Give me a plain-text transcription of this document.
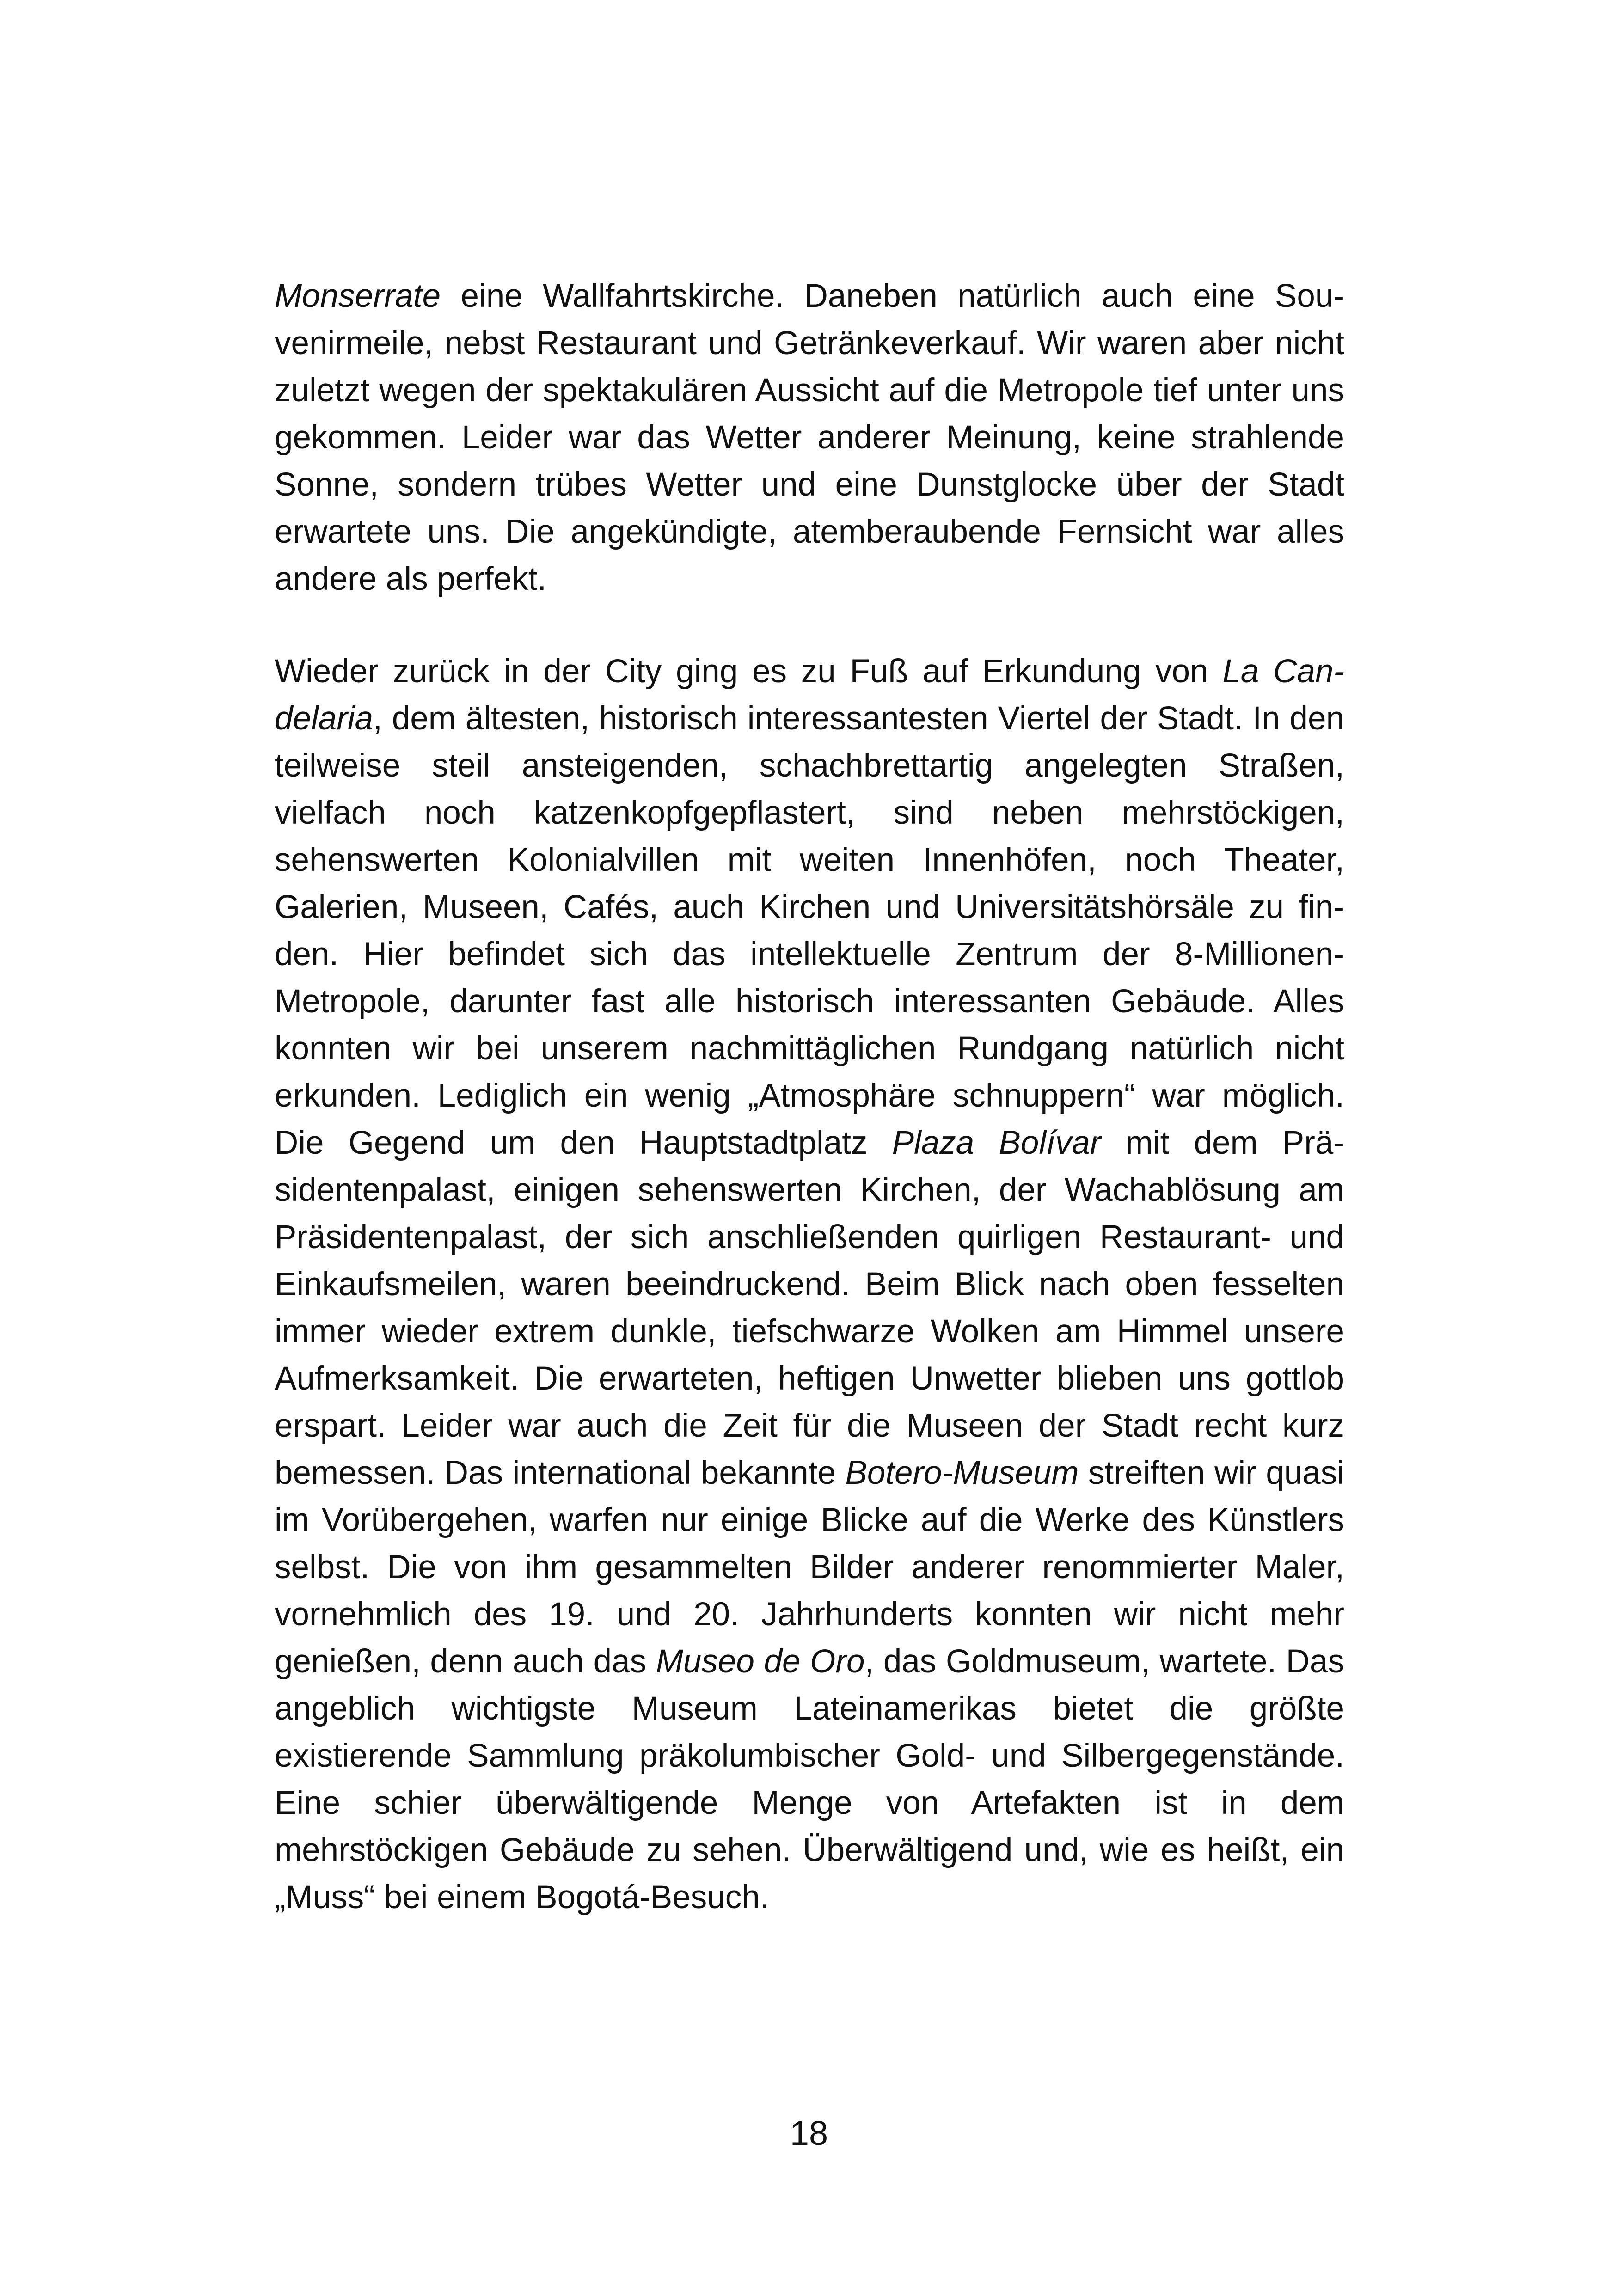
Monserrate eine Wallfahrtskirche. Daneben natürlich auch eine Souvenirmeile, nebst Restaurant und Getränkeverkauf. Wir waren aber nicht zuletzt wegen der spektakulären Aussicht auf die Metropole tief unter uns gekommen. Leider war das Wetter anderer Meinung, keine strahlende Sonne, sondern trübes Wetter und eine Dunstglocke über der Stadt erwartete uns. Die angekündigte, atemberaubende Fernsicht war alles andere als perfekt.

Wieder zurück in der City ging es zu Fuß auf Erkundung von La Candelaria, dem ältesten, historisch interessantesten Viertel der Stadt. In den teilweise steil ansteigenden, schachbrettartig angelegten Straßen, vielfach noch katzenkopfgepflastert, sind neben mehrstöckigen, sehenswerten Kolonialvillen mit weiten Innenhöfen, noch Theater, Galerien, Museen, Cafés, auch Kirchen und Universitätshörsäle zu finden. Hier befindet sich das intellektuelle Zentrum der 8-Millionen-Metropole, darunter fast alle historisch interessanten Gebäude. Alles konnten wir bei unserem nachmittäglichen Rundgang natürlich nicht erkunden. Lediglich ein wenig „Atmosphäre schnuppern“ war möglich. Die Gegend um den Hauptstadtplatz Plaza Bolívar mit dem Präsidentenpalast, einigen sehenswerten Kirchen, der Wachablösung am Präsidentenpalast, der sich anschließenden quirligen Restaurant- und Einkaufsmeilen, waren beeindruckend. Beim Blick nach oben fesselten immer wieder extrem dunkle, tiefschwarze Wolken am Himmel unsere Aufmerksamkeit. Die erwarteten, heftigen Unwetter blieben uns gottlob erspart. Leider war auch die Zeit für die Museen der Stadt recht kurz bemessen. Das international bekannte Botero-Museum streiften wir quasi im Vorübergehen, warfen nur einige Blicke auf die Werke des Künstlers selbst. Die von ihm gesammelten Bilder anderer renommierter Maler, vornehmlich des 19. und 20. Jahrhunderts konnten wir nicht mehr genießen, denn auch das Museo de Oro, das Goldmuseum, wartete. Das angeblich wichtigste Museum Lateinamerikas bietet die größte existierende Sammlung präkolumbischer Gold- und Silbergegenstände. Eine schier überwältigende Menge von Artefakten ist in dem mehrstöckigen Gebäude zu sehen. Überwältigend und, wie es heißt, ein „Muss“ bei einem Bogotá-Besuch.

18
